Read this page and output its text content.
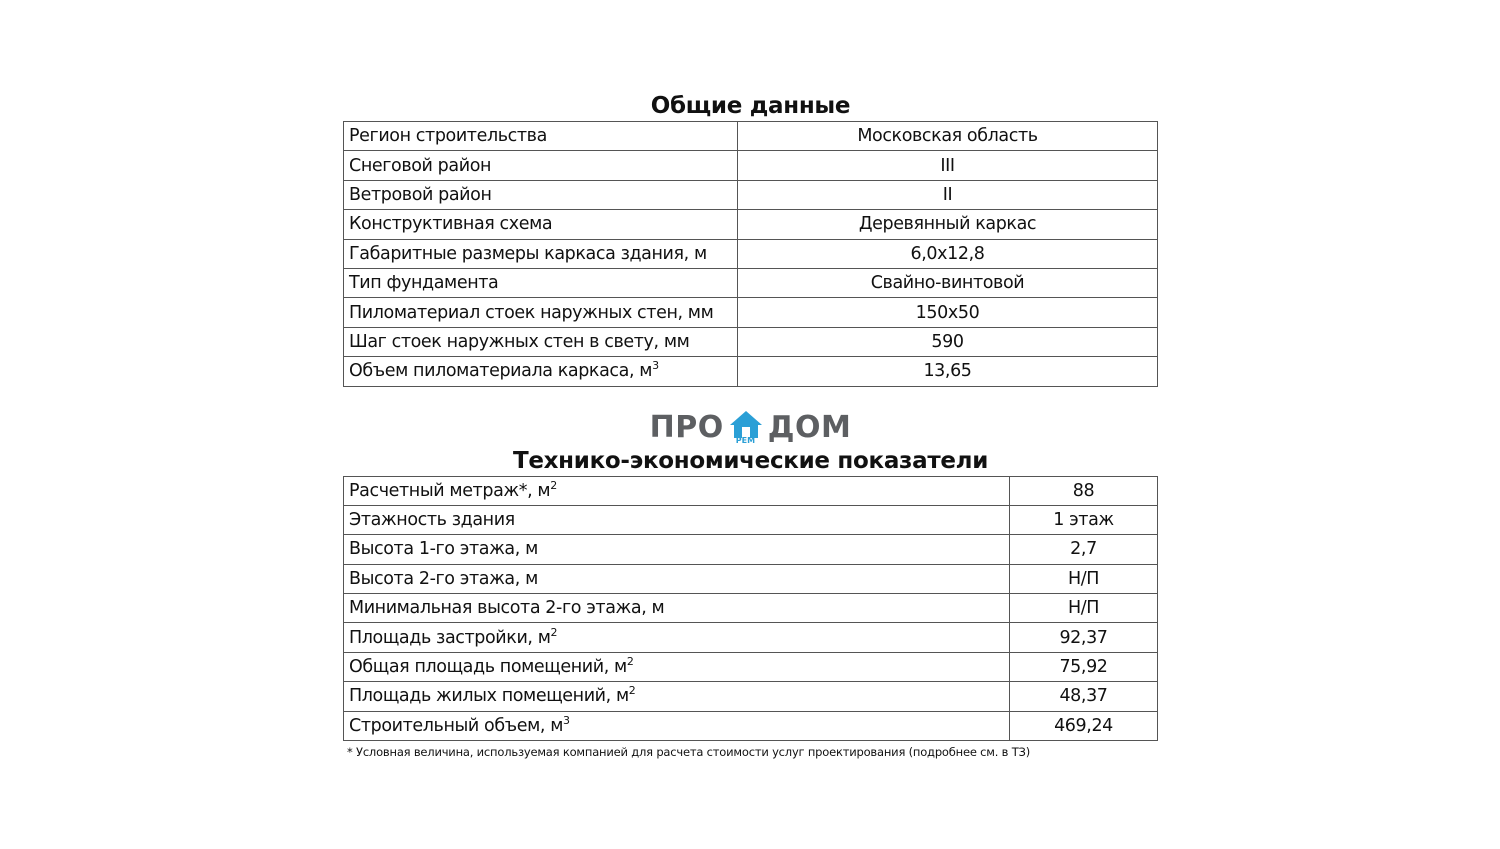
Общие данные
Регион строительства	Московская область
Снеговой район	III
Ветровой район	II
Конструктивная схема	Деревянный каркас
Габаритные размеры каркаса здания, м	6,0x12,8
Тип фундамента	Свайно-винтовой
Пиломатериал стоек наружных стен, мм	150x50
Шаг стоек наружных стен в свету, мм	590
Объем пиломатериала каркаса, $м^3$	13,65
ПРО РЕМ ДОМ
Технико-экономические показатели
Расчетный метраж*, $м^2$	88
Этажность здания	1 этаж
Высота 1-го этажа, м	2,7
Высота 2-го этажа, м	Н/П
Минимальная высота 2-го этажа, м	Н/П
Площадь застройки, $м^2$	92,37
Общая площадь помещений, $м^2$	75,92
Площадь жилых помещений, $м^2$	48,37
Строительный объем, $м^3$	469,24
* Условная величина, используемая компанией для расчета стоимости услуг проектирования (подробнее см. в ТЗ)
